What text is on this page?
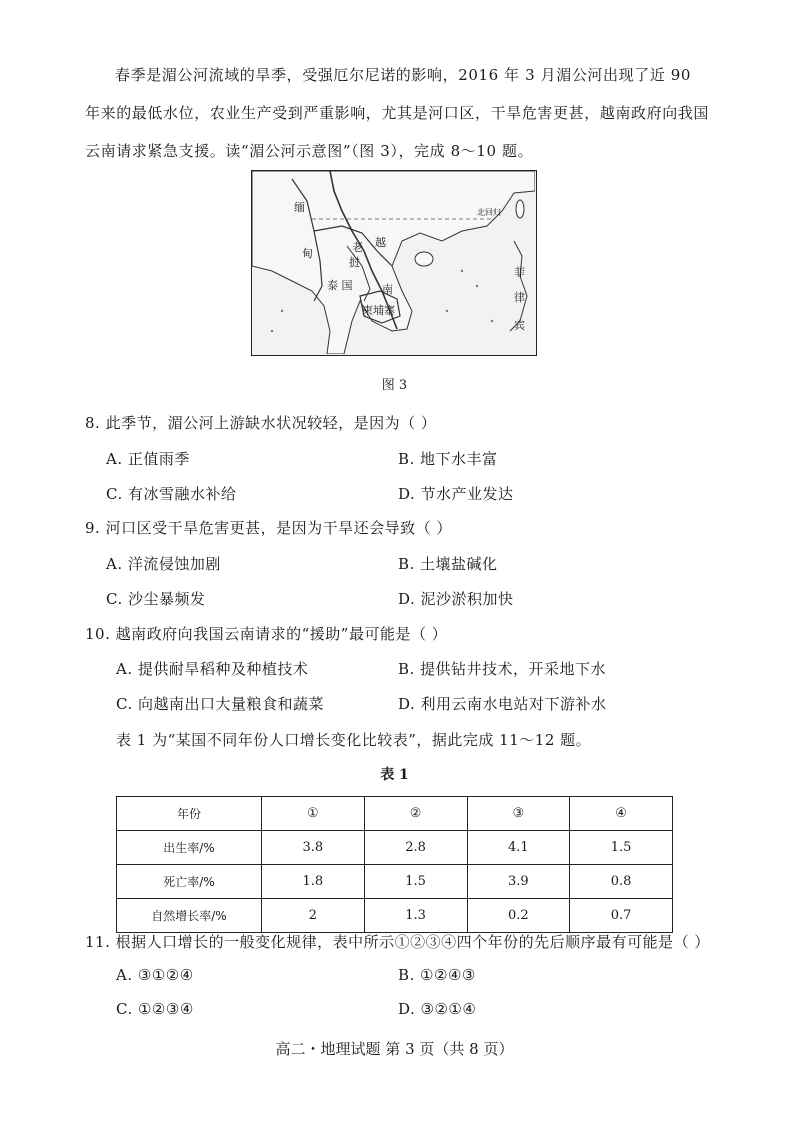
春季是湄公河流域的旱季，受强厄尔尼诺的影响，2016 年 3 月湄公河出现了近 90 年来的最低水位，农业生产受到严重影响，尤其是河口区，干旱危害更甚，越南政府向我国云南请求紧急支援。读“湄公河示意图”（图 3），完成 8～10 题。

缅
甸	老
挝
越
南
泰 国
柬埔寨
菲
律
宾
北回归
图 3

8. 此季节，湄公河上游缺水状况较轻，是因为（ ）

A. 正值雨季	B. 地下水丰富
C. 有冰雪融水补给	D. 节水产业发达

9. 河口区受干旱危害更甚，是因为干旱还会导致（ ）

A. 洋流侵蚀加剧	B. 土壤盐碱化
C. 沙尘暴频发	D. 泥沙淤积加快

10. 越南政府向我国云南请求的“援助”最可能是（ ）

A. 提供耐旱稻种及种植技术	B. 提供钻井技术，开采地下水
C. 向越南出口大量粮食和蔬菜	D. 利用云南水电站对下游补水

表 1 为“某国不同年份人口增长变化比较表”，据此完成 11～12 题。

表 1
年份	①	②	③	④
出生率/%	3.8	2.8	4.1	1.5
死亡率/%	1.8	1.5	3.9	0.8
自然增长率/%	2	1.3	0.2	0.7

11. 根据人口增长的一般变化规律，表中所示①②③④四个年份的先后顺序最有可能是（ ）

A. ③①②④	B. ①②④③
C. ①②③④	D. ③②①④
高二・地理试题 第 3 页（共 8 页）
